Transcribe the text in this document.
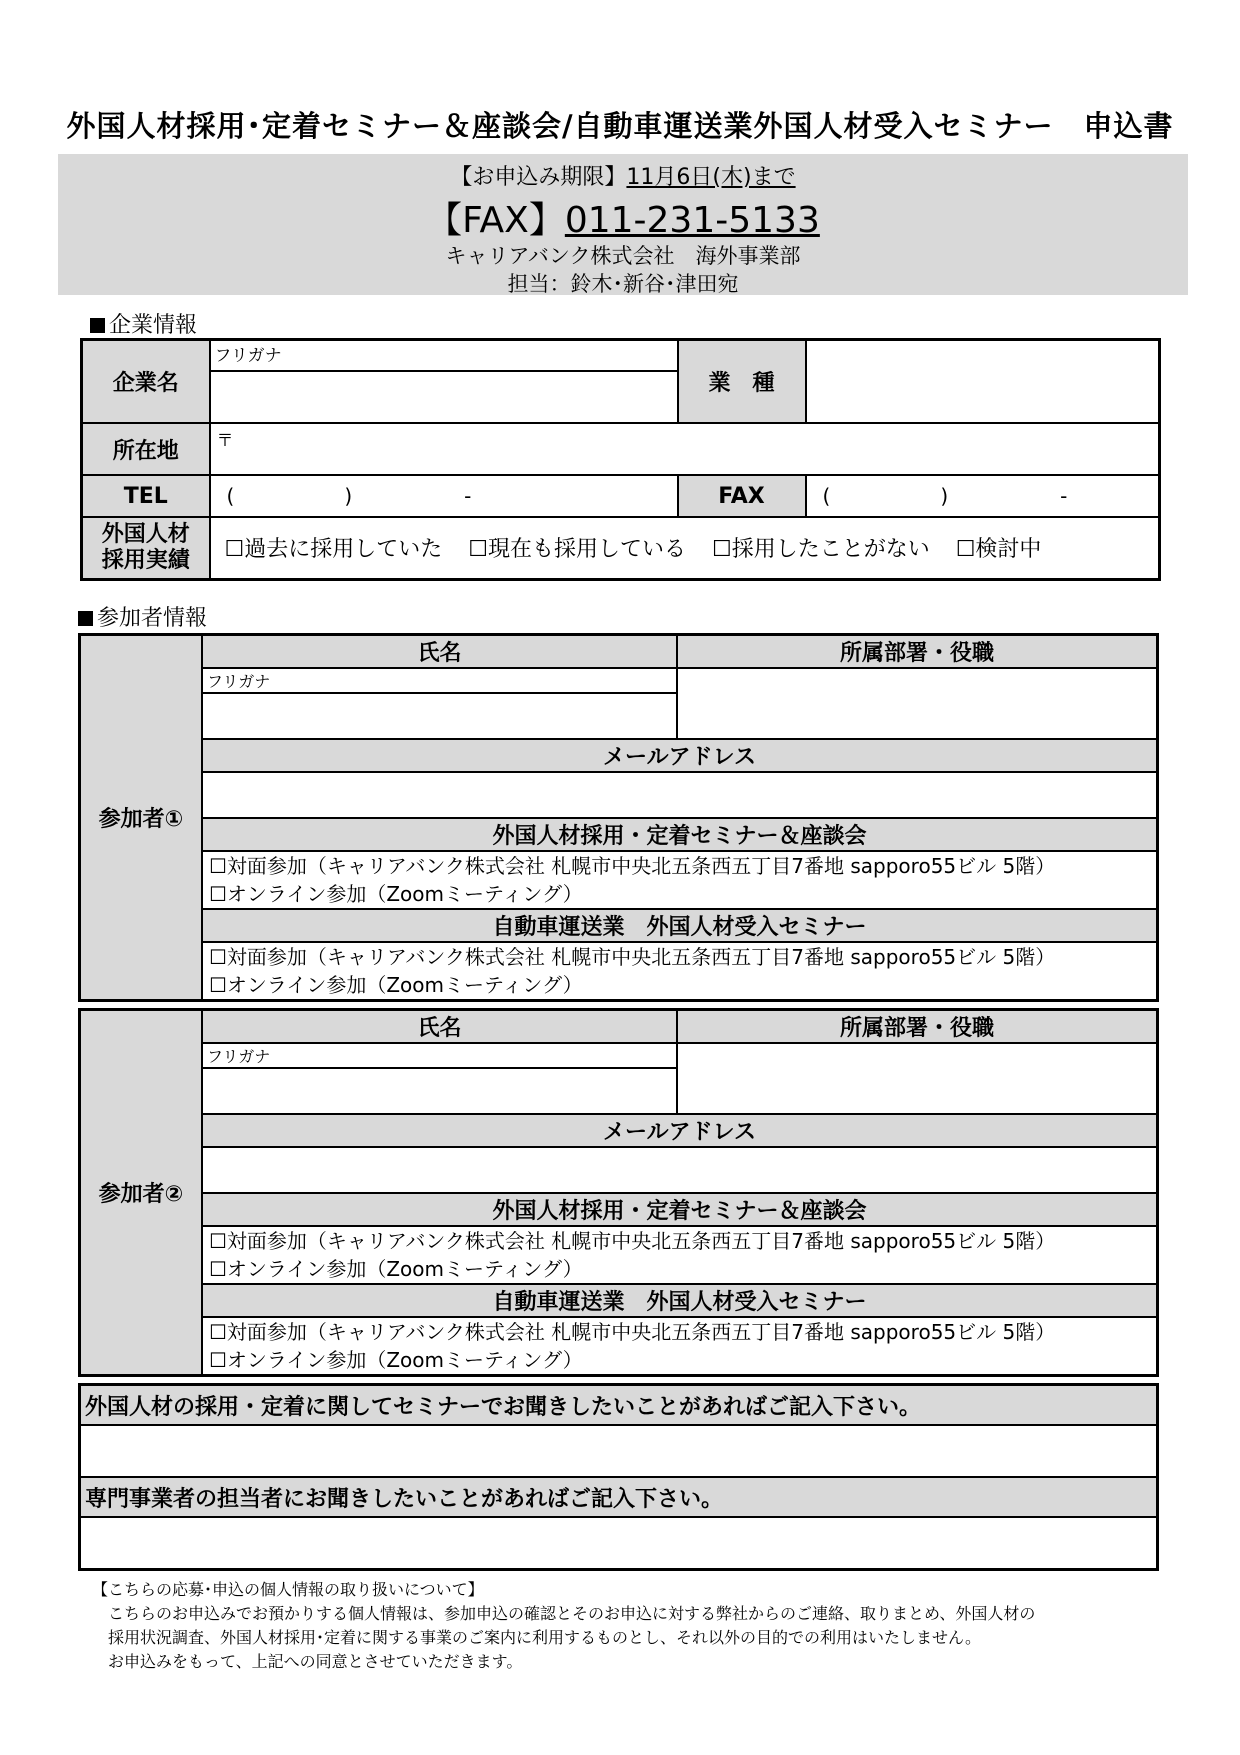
外国人材採用･定着セミナー＆座談会/自動車運送業外国人材受入セミナー　申込書
【お申込み期限】11月6日(木)まで
【FAX】011-231-5133
キャリアバンク株式会社　海外事業部
担当：鈴木･新谷･津田宛
企業情報
企業名	フリガナ	業　種	

所在地	〒		
TEL	( ) -	FAX	( ) -
外国人材
採用実績	☐過去に採用していた ☐現在も採用している ☐採用したことがない ☐検討中		
参加者情報
参加者①	氏名	所属部署・役職
	フリガナ	

	メールアドレス	

	外国人材採用・定着セミナー＆座談会	

	☐対面参加（キャリアバンク株式会社 札幌市中央北五条西五丁目7番地 sapporo55ビル 5階）
☐オンライン参加（Zoomミーティング）	

	自動車運送業　外国人材受入セミナー	

	☐対面参加（キャリアバンク株式会社 札幌市中央北五条西五丁目7番地 sapporo55ビル 5階）
☐オンライン参加（Zoomミーティング）	
参加者②	氏名	所属部署・役職
	フリガナ	

	メールアドレス	

	外国人材採用・定着セミナー＆座談会	

	☐対面参加（キャリアバンク株式会社 札幌市中央北五条西五丁目7番地 sapporo55ビル 5階）
☐オンライン参加（Zoomミーティング）	

	自動車運送業　外国人材受入セミナー	

	☐対面参加（キャリアバンク株式会社 札幌市中央北五条西五丁目7番地 sapporo55ビル 5階）
☐オンライン参加（Zoomミーティング）	
外国人材の採用・定着に関してセミナーでお聞きしたいことがあればご記入下さい。

専門事業者の担当者にお聞きしたいことがあればご記入下さい。

【こちらの応募･申込の個人情報の取り扱いについて】
こちらのお申込みでお預かりする個人情報は、参加申込の確認とそのお申込に対する弊社からのご連絡、取りまとめ、外国人材の
採用状況調査、外国人材採用･定着に関する事業のご案内に利用するものとし、それ以外の目的での利用はいたしません。
お申込みをもって、上記への同意とさせていただきます。
